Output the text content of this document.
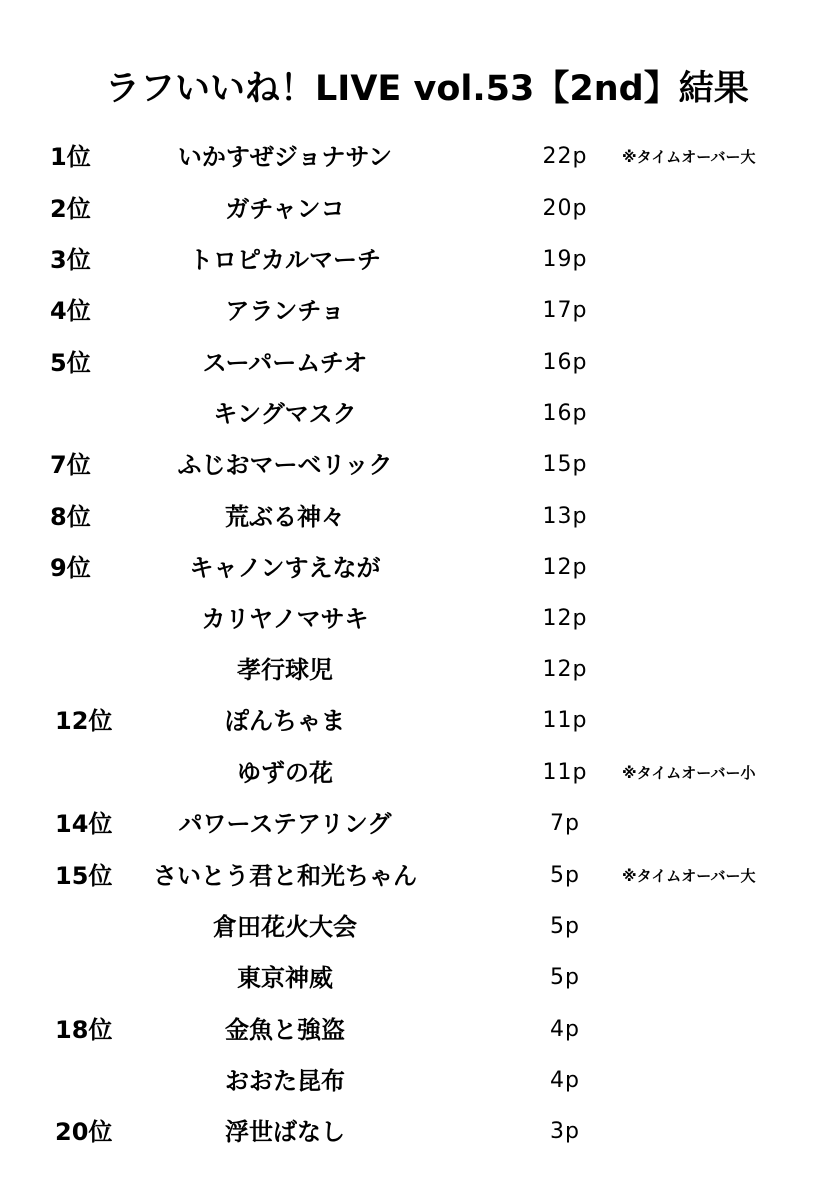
ラフいいね！LIVE vol.53【2nd】結果
1位	いかすぜジョナサン	22p	※タイムオーバー大
2位	ガチャンコ	20p
3位	トロピカルマーチ	19p
4位	アランチョ	17p
5位	スーパームチオ	16p
キングマスク	16p
7位	ふじおマーベリック	15p
8位	荒ぶる神々	13p
9位	キャノンすえなが	12p
カリヤノマサキ	12p
孝行球児	12p
12位	ぽんちゃま	11p
ゆずの花	11p	※タイムオーバー小
14位	パワーステアリング	7p
15位	さいとう君と和光ちゃん	5p	※タイムオーバー大
倉田花火大会	5p
東京神威	5p
18位	金魚と強盗	4p
おおた昆布	4p
20位	浮世ばなし	3p
